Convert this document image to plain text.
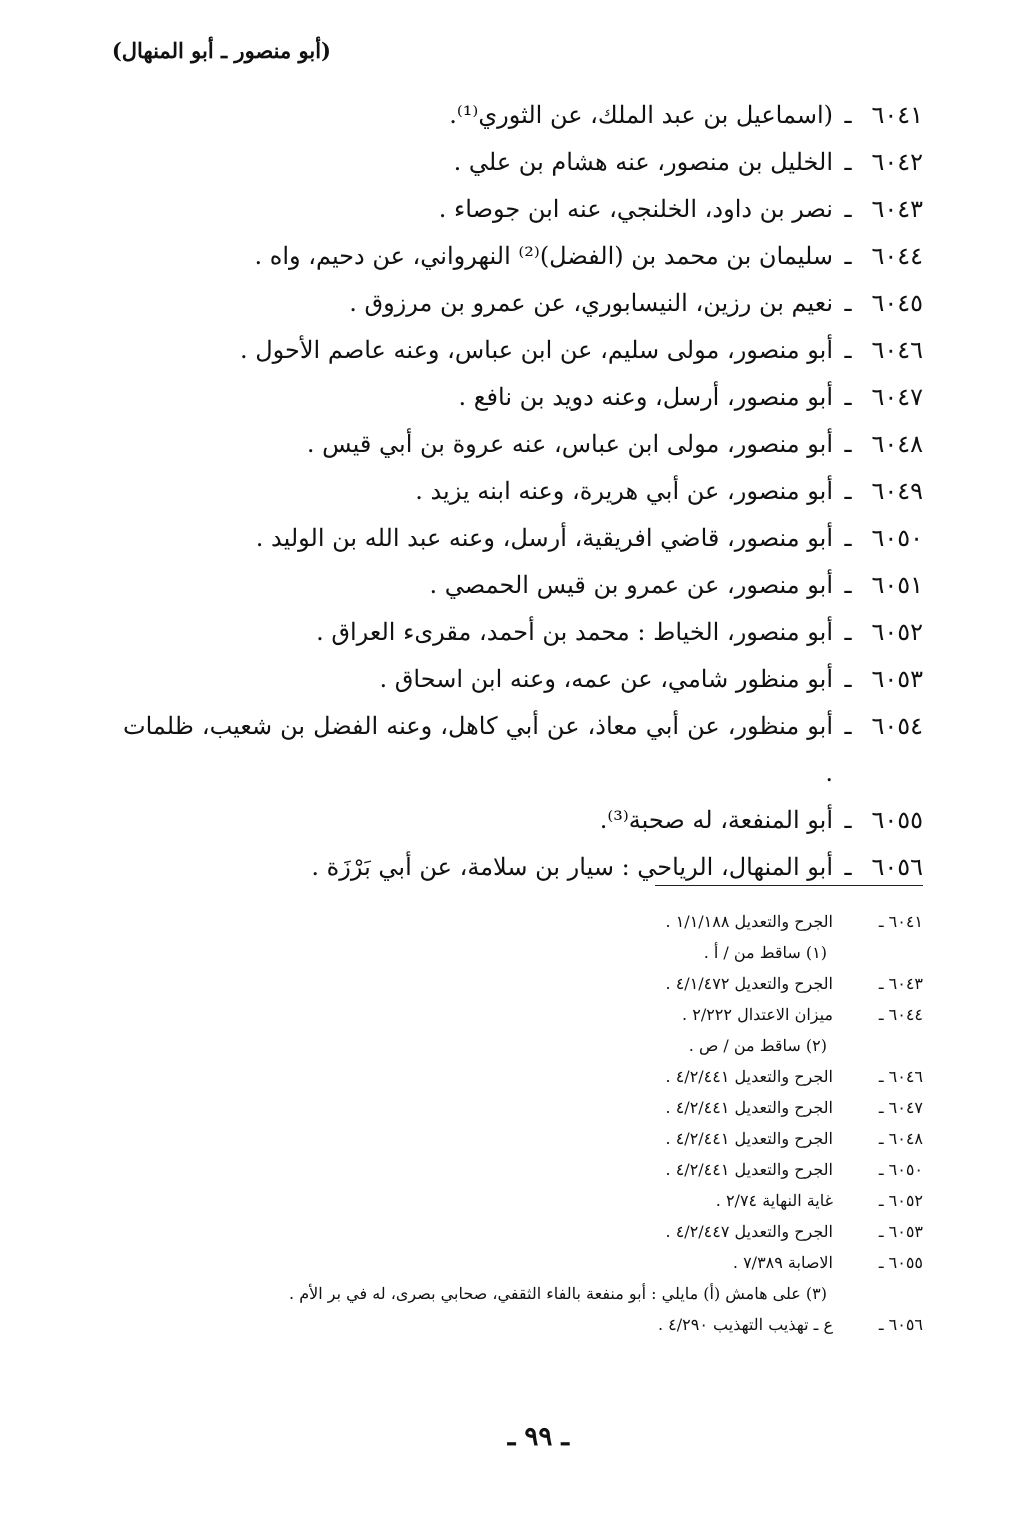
(أبو منصور ـ أبو المنهال)
٦٠٤١
ـ
(اسماعيل بن عبد الملك، عن الثوري⁽¹⁾.
٦٠٤٢
ـ
الخليل بن منصور، عنه هشام بن علي .
٦٠٤٣
ـ
نصر بن داود، الخلنجي، عنه ابن جوصاء .
٦٠٤٤
ـ
سليمان بن محمد بن (الفضل)⁽²⁾ النهرواني، عن دحيم، واه .
٦٠٤٥
ـ
نعيم بن رزين، النيسابوري، عن عمرو بن مرزوق .
٦٠٤٦
ـ
أبو منصور، مولى سليم، عن ابن عباس، وعنه عاصم الأحول .
٦٠٤٧
ـ
أبو منصور، أرسل، وعنه دويد بن نافع .
٦٠٤٨
ـ
أبو منصور، مولى ابن عباس، عنه عروة بن أبي قيس .
٦٠٤٩
ـ
أبو منصور، عن أبي هريرة، وعنه ابنه يزيد .
٦٠٥٠
ـ
أبو منصور، قاضي افريقية، أرسل، وعنه عبد الله بن الوليد .
٦٠٥١
ـ
أبو منصور، عن عمرو بن قيس الحمصي .
٦٠٥٢
ـ
أبو منصور، الخياط : محمد بن أحمد، مقرىء العراق .
٦٠٥٣
ـ
أبو منظور شامي، عن عمه، وعنه ابن اسحاق .
٦٠٥٤
ـ
أبو منظور، عن أبي معاذ، عن أبي كاهل، وعنه الفضل بن شعيب، ظلمات .
٦٠٥٥
ـ
أبو المنفعة، له صحبة⁽³⁾.
٦٠٥٦
ـ
أبو المنهال، الرياحي : سيار بن سلامة، عن أبي بَرْزَة .
٦٠٤١ ـ
الجرح والتعديل ١/١/١٨٨ .
(١) ساقط من / أ .
٦٠٤٣ ـ
الجرح والتعديل ٤/١/٤٧٢ .
٦٠٤٤ ـ
ميزان الاعتدال ٢/٢٢٢ .
(٢) ساقط من / ص .
٦٠٤٦ ـ
الجرح والتعديل ٤/٢/٤٤١ .
٦٠٤٧ ـ
الجرح والتعديل ٤/٢/٤٤١ .
٦٠٤٨ ـ
الجرح والتعديل ٤/٢/٤٤١ .
٦٠٥٠ ـ
الجرح والتعديل ٤/٢/٤٤١ .
٦٠٥٢ ـ
غاية النهاية ٢/٧٤ .
٦٠٥٣ ـ
الجرح والتعديل ٤/٢/٤٤٧ .
٦٠٥٥ ـ
الاصابة ٧/٣٨٩ .
(٣) على هامش (أ) مايلي : أبو منفعة بالفاء الثقفي، صحابي بصرى، له في بر الأم .
٦٠٥٦ ـ
ع ـ تهذيب التهذيب ٤/٢٩٠ .
ـ ٩٩ ـ
